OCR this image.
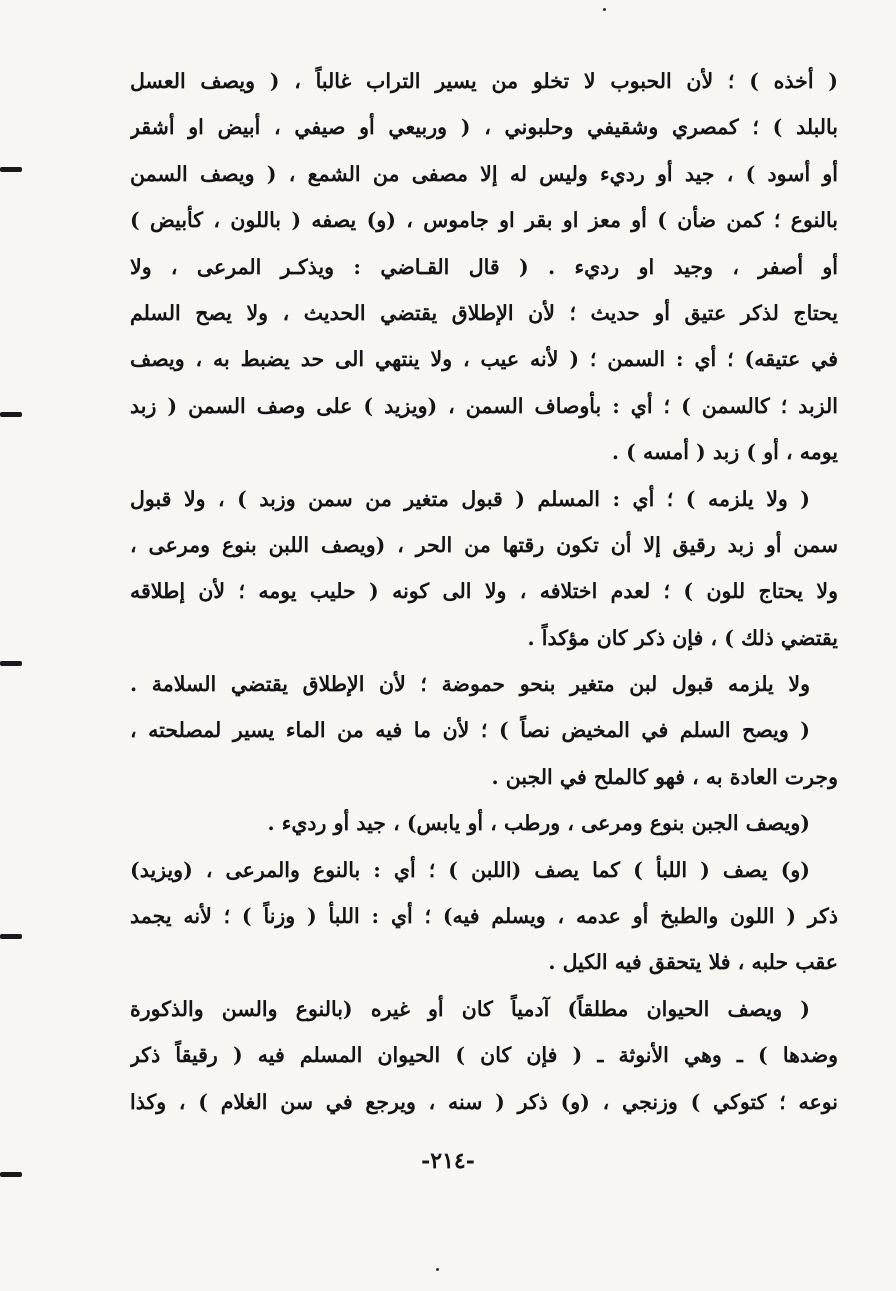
( أخذه ) ؛ لأن الحبوب لا تخلو من يسير التراب غالباً ، ( ويصف العسل
بالبلد ) ؛ كمصري وشقيفي وحلبوني ، ( وربيعي أو صيفي ، أبيض او أشقر
أو أسود ) ، جيد أو رديء وليس له إلا مصفى من الشمع ، ( ويصف السمن
بالنوع ؛ كمن ضأن ) أو معز او بقر او جاموس ، (و) يصفه ( باللون ، كأبيض )
أو أصفر ، وجيد او رديء . ( قال القـاضي : ويذكـر المرعى ، ولا
يحتاج لذكر عتيق أو حديث ؛ لأن الإطلاق يقتضي الحديث ، ولا يصح السلم
في عتيقه) ؛ أي : السمن ؛ ( لأنه عيب ، ولا ينتهي الى حد يضبط به ، ويصف
الزبد ؛ كالسمن ) ؛ أي : بأوصاف السمن ، (ويزيد ) على وصف السمن ( زبد
يومه ، أو ) زبد ( أمسه ) .
( ولا يلزمه ) ؛ أي : المسلم ( قبول متغير من سمن وزبد ) ، ولا قبول
سمن أو زبد رقيق إلا أن تكون رقتها من الحر ، (ويصف اللبن بنوع ومرعى ،
ولا يحتاج للون ) ؛ لعدم اختلافه ، ولا الى كونه ( حليب يومه ؛ لأن إطلاقه
يقتضي ذلك ) ، فإن ذكر كان مؤكداً .
ولا يلزمه قبول لبن متغير بنحو حموضة ؛ لأن الإطلاق يقتضي السلامة .
( ويصح السلم في المخيض نصاً ) ؛ لأن ما فيه من الماء يسير لمصلحته ،
وجرت العادة به ، فهو كالملح في الجبن .
(ويصف الجبن بنوع ومرعى ، ورطب ، أو يابس) ، جيد أو رديء .
(و) يصف ( اللبأ ) كما يصف (اللبن ) ؛ أي : بالنوع والمرعى ، (ويزيد)
ذكر ( اللون والطبخ أو عدمه ، ويسلم فيه) ؛ أي : اللبأ ( وزناً ) ؛ لأنه يجمد
عقب حلبه ، فلا يتحقق فيه الكيل .
( ويصف الحيوان مطلقاً) آدمياً كان أو غيره (بالنوع والسن والذكورة
وضدها ) ـ وهي الأنوثة ـ ( فإن كان ) الحيوان المسلم فيه ( رقيقاً ذكر
نوعه ؛ كتوكي ) وزنجي ، (و) ذكر ( سنه ، ويرجع في سن الغلام ) ، وكذا
-٢١٤-
